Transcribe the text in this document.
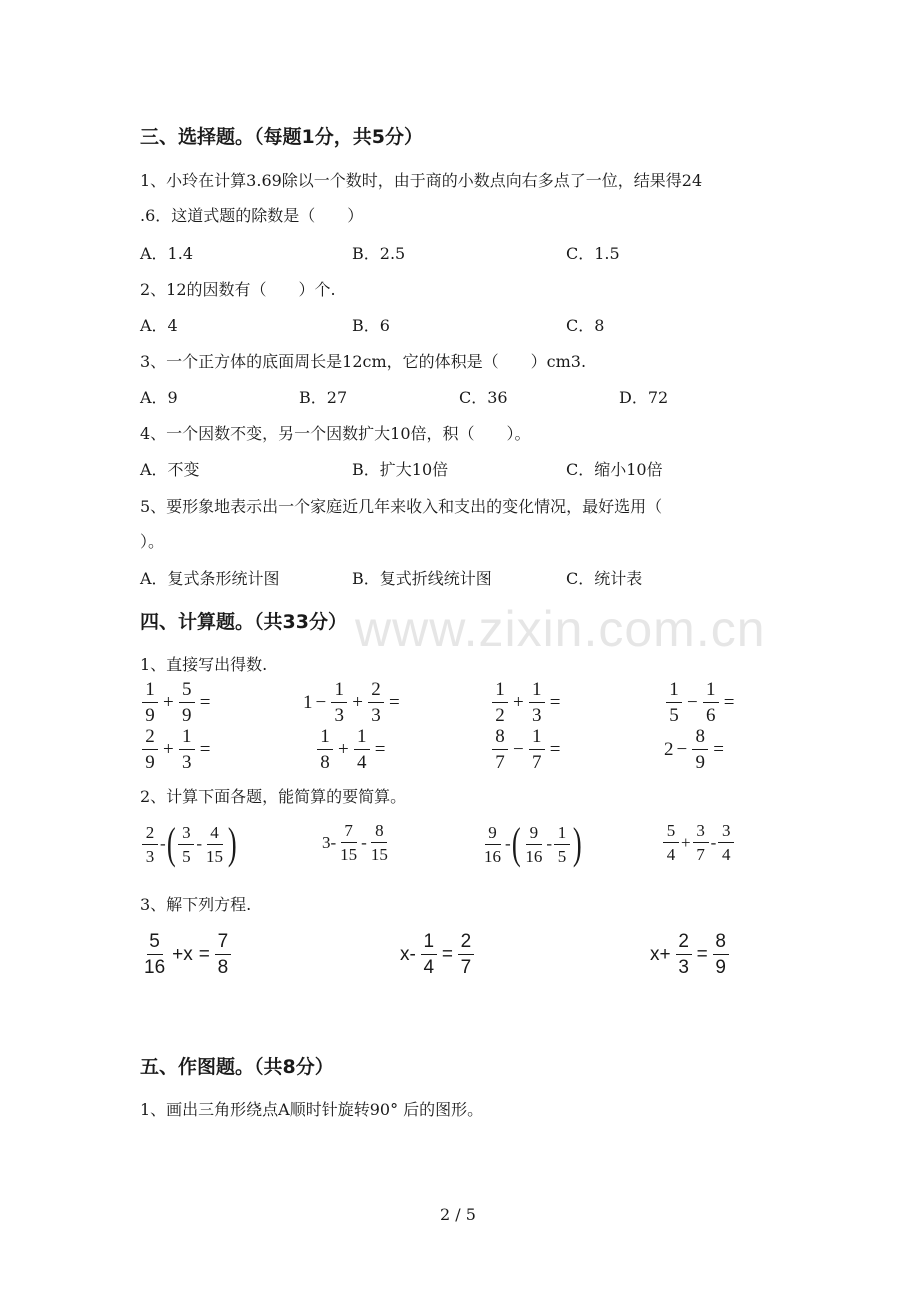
www.zixin.com.cn
三、选择题。（每题1分，共5分）
1、小玲在计算3.69除以一个数时，由于商的小数点向右多点了一位，结果得24
.6．这道式题的除数是（　　）
A．1.4	B．2.5	C．1.5
2、12的因数有（　　）个.
A．4	B．6	C．8
3、一个正方体的底面周长是12cm，它的体积是（　　）cm3.
A．9	B．27	C．36	D．72
4、一个因数不变，另一个因数扩大10倍，积（　　）。
A．不变	B．扩大10倍	C．缩小10倍
5、要形象地表示出一个家庭近几年来收入和支出的变化情况，最好选用（
）。
A．复式条形统计图	B．复式折线统计图	C．统计表
四、计算题。（共33分）
1、直接写出得数.
$\frac{1}{9} + \frac{5}{9}$ =	$1 - \frac{1}{3} + \frac{2}{3}$ =	$\frac{1}{2} + \frac{1}{3}$ =	$\frac{1}{5} - \frac{1}{6}$ =
$\frac{2}{9} + \frac{1}{3}$ =	$\frac{1}{8} + \frac{1}{4}$ =	$\frac{8}{7} - \frac{1}{7}$ =	$2 - \frac{8}{9}$ =
2、计算下面各题，能简算的要简算。
$\frac{2}{3}$ - ( $\frac{3}{5} - \frac{4}{15}$ )	$3 - \frac{7}{15} - \frac{8}{15}$	$\frac{9}{16}$ - ( $\frac{9}{16} - \frac{1}{5}$ )	$\frac{5}{4} + \frac{3}{7} - \frac{3}{4}$
3、解下列方程.
$\frac{5}{16} +x = \frac{7}{8}$	$x- \frac{1}{4} = \frac{2}{7}$	$x+ \frac{2}{3} = \frac{8}{9}$
五、作图题。（共8分）
1、画出三角形绕点A顺时针旋转90° 后的图形。
2 / 5
